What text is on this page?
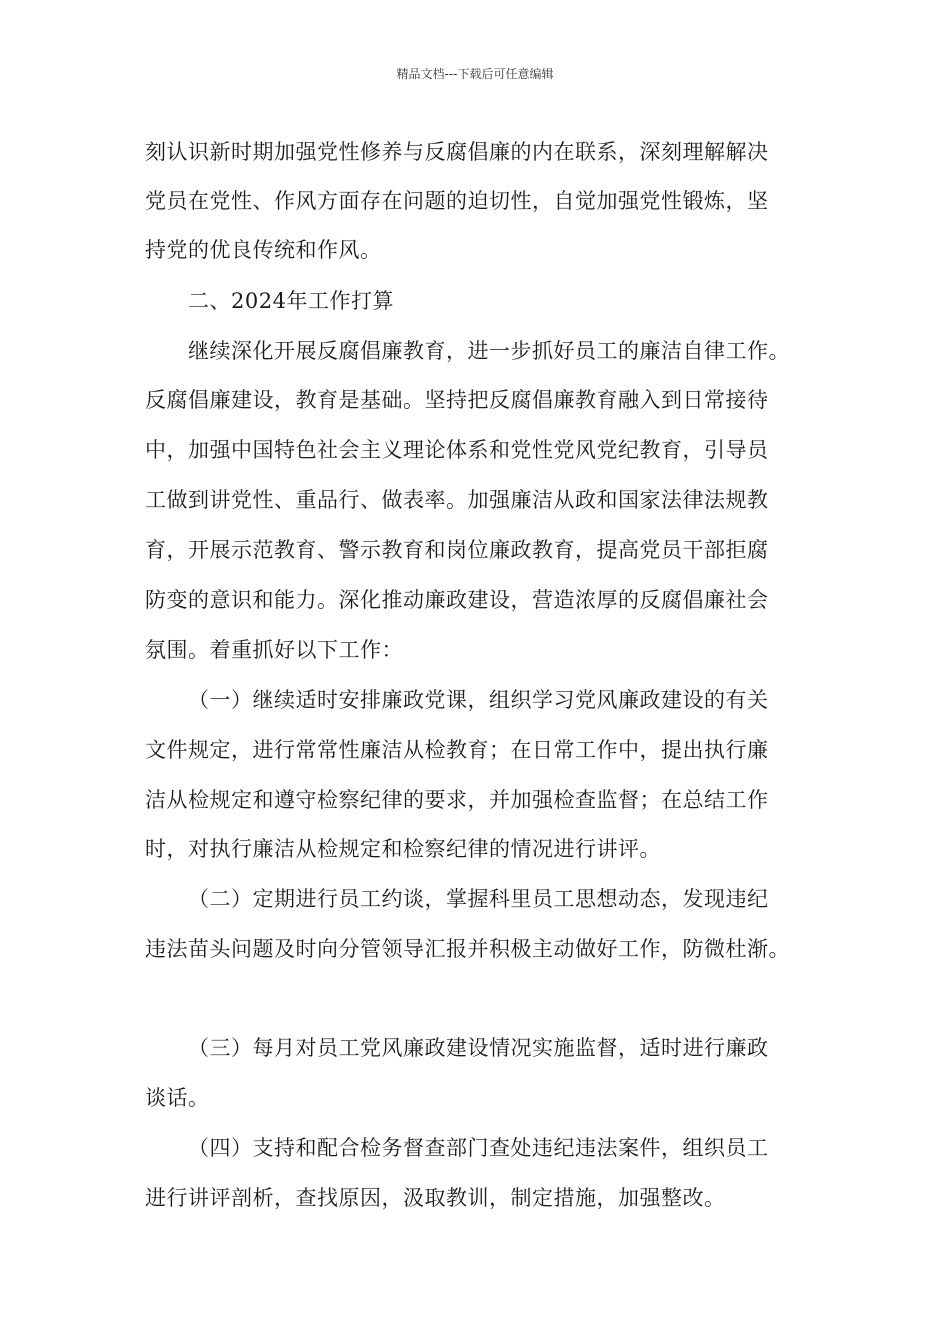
精品文档---下载后可任意编辑
刻认识新时期加强党性修养与反腐倡廉的内在联系，深刻理解解决
党员在党性、作风方面存在问题的迫切性，自觉加强党性锻炼，坚
持党的优良传统和作风。
二、2024年工作打算
继续深化开展反腐倡廉教育，进一步抓好员工的廉洁自律工作。
反腐倡廉建设，教育是基础。坚持把反腐倡廉教育融入到日常接待
中，加强中国特色社会主义理论体系和党性党风党纪教育，引导员
工做到讲党性、重品行、做表率。加强廉洁从政和国家法律法规教
育，开展示范教育、警示教育和岗位廉政教育，提高党员干部拒腐
防变的意识和能力。深化推动廉政建设，营造浓厚的反腐倡廉社会
氛围。着重抓好以下工作：
（一）继续适时安排廉政党课，组织学习党风廉政建设的有关
文件规定，进行常常性廉洁从检教育；在日常工作中，提出执行廉
洁从检规定和遵守检察纪律的要求，并加强检查监督；在总结工作
时，对执行廉洁从检规定和检察纪律的情况进行讲评。
（二）定期进行员工约谈，掌握科里员工思想动态，发现违纪
违法苗头问题及时向分管领导汇报并积极主动做好工作，防微杜渐。
（三）每月对员工党风廉政建设情况实施监督，适时进行廉政
谈话。
（四）支持和配合检务督查部门查处违纪违法案件，组织员工
进行讲评剖析，查找原因，汲取教训，制定措施，加强整改。
